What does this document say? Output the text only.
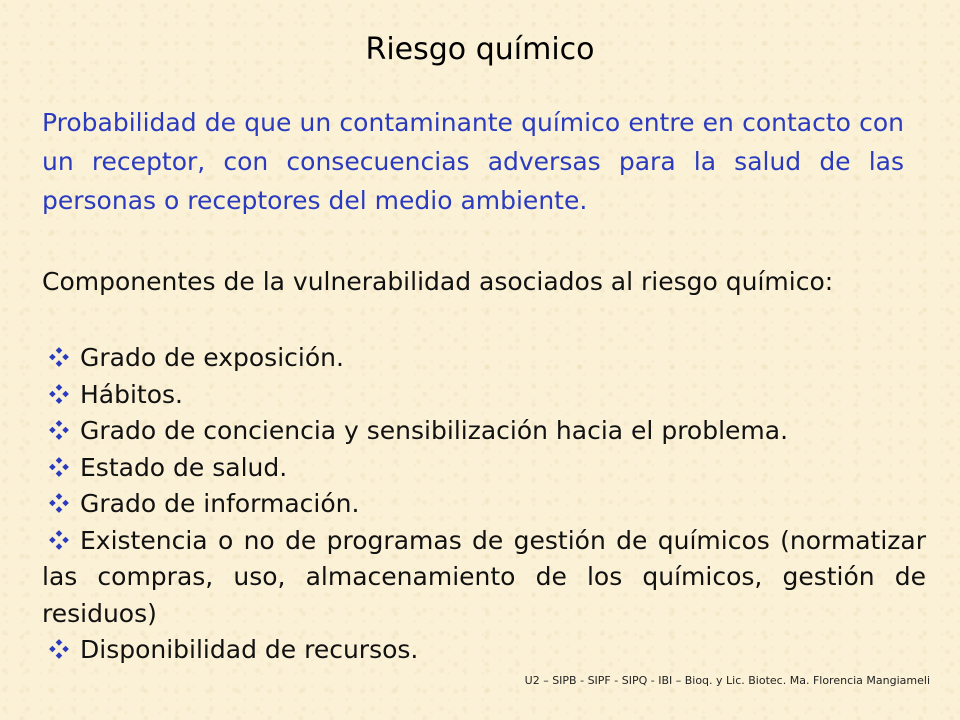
Riesgo químico

Probabilidad de que un contaminante químico entre en contacto con un receptor, con consecuencias adversas para la salud de las personas o receptores del medio ambiente.

Componentes de la vulnerabilidad asociados al riesgo químico:

Grado de exposición.
Hábitos.
Grado de conciencia y sensibilización hacia el problema.
Estado de salud.
Grado de información.
Existencia o no de programas de gestión de químicos (normatizar las compras, uso, almacenamiento de los químicos, gestión de residuos)
Disponibilidad de recursos.
U2 – SIPB - SIPF - SIPQ - IBI – Bioq. y Lic. Biotec. Ma. Florencia Mangiameli
